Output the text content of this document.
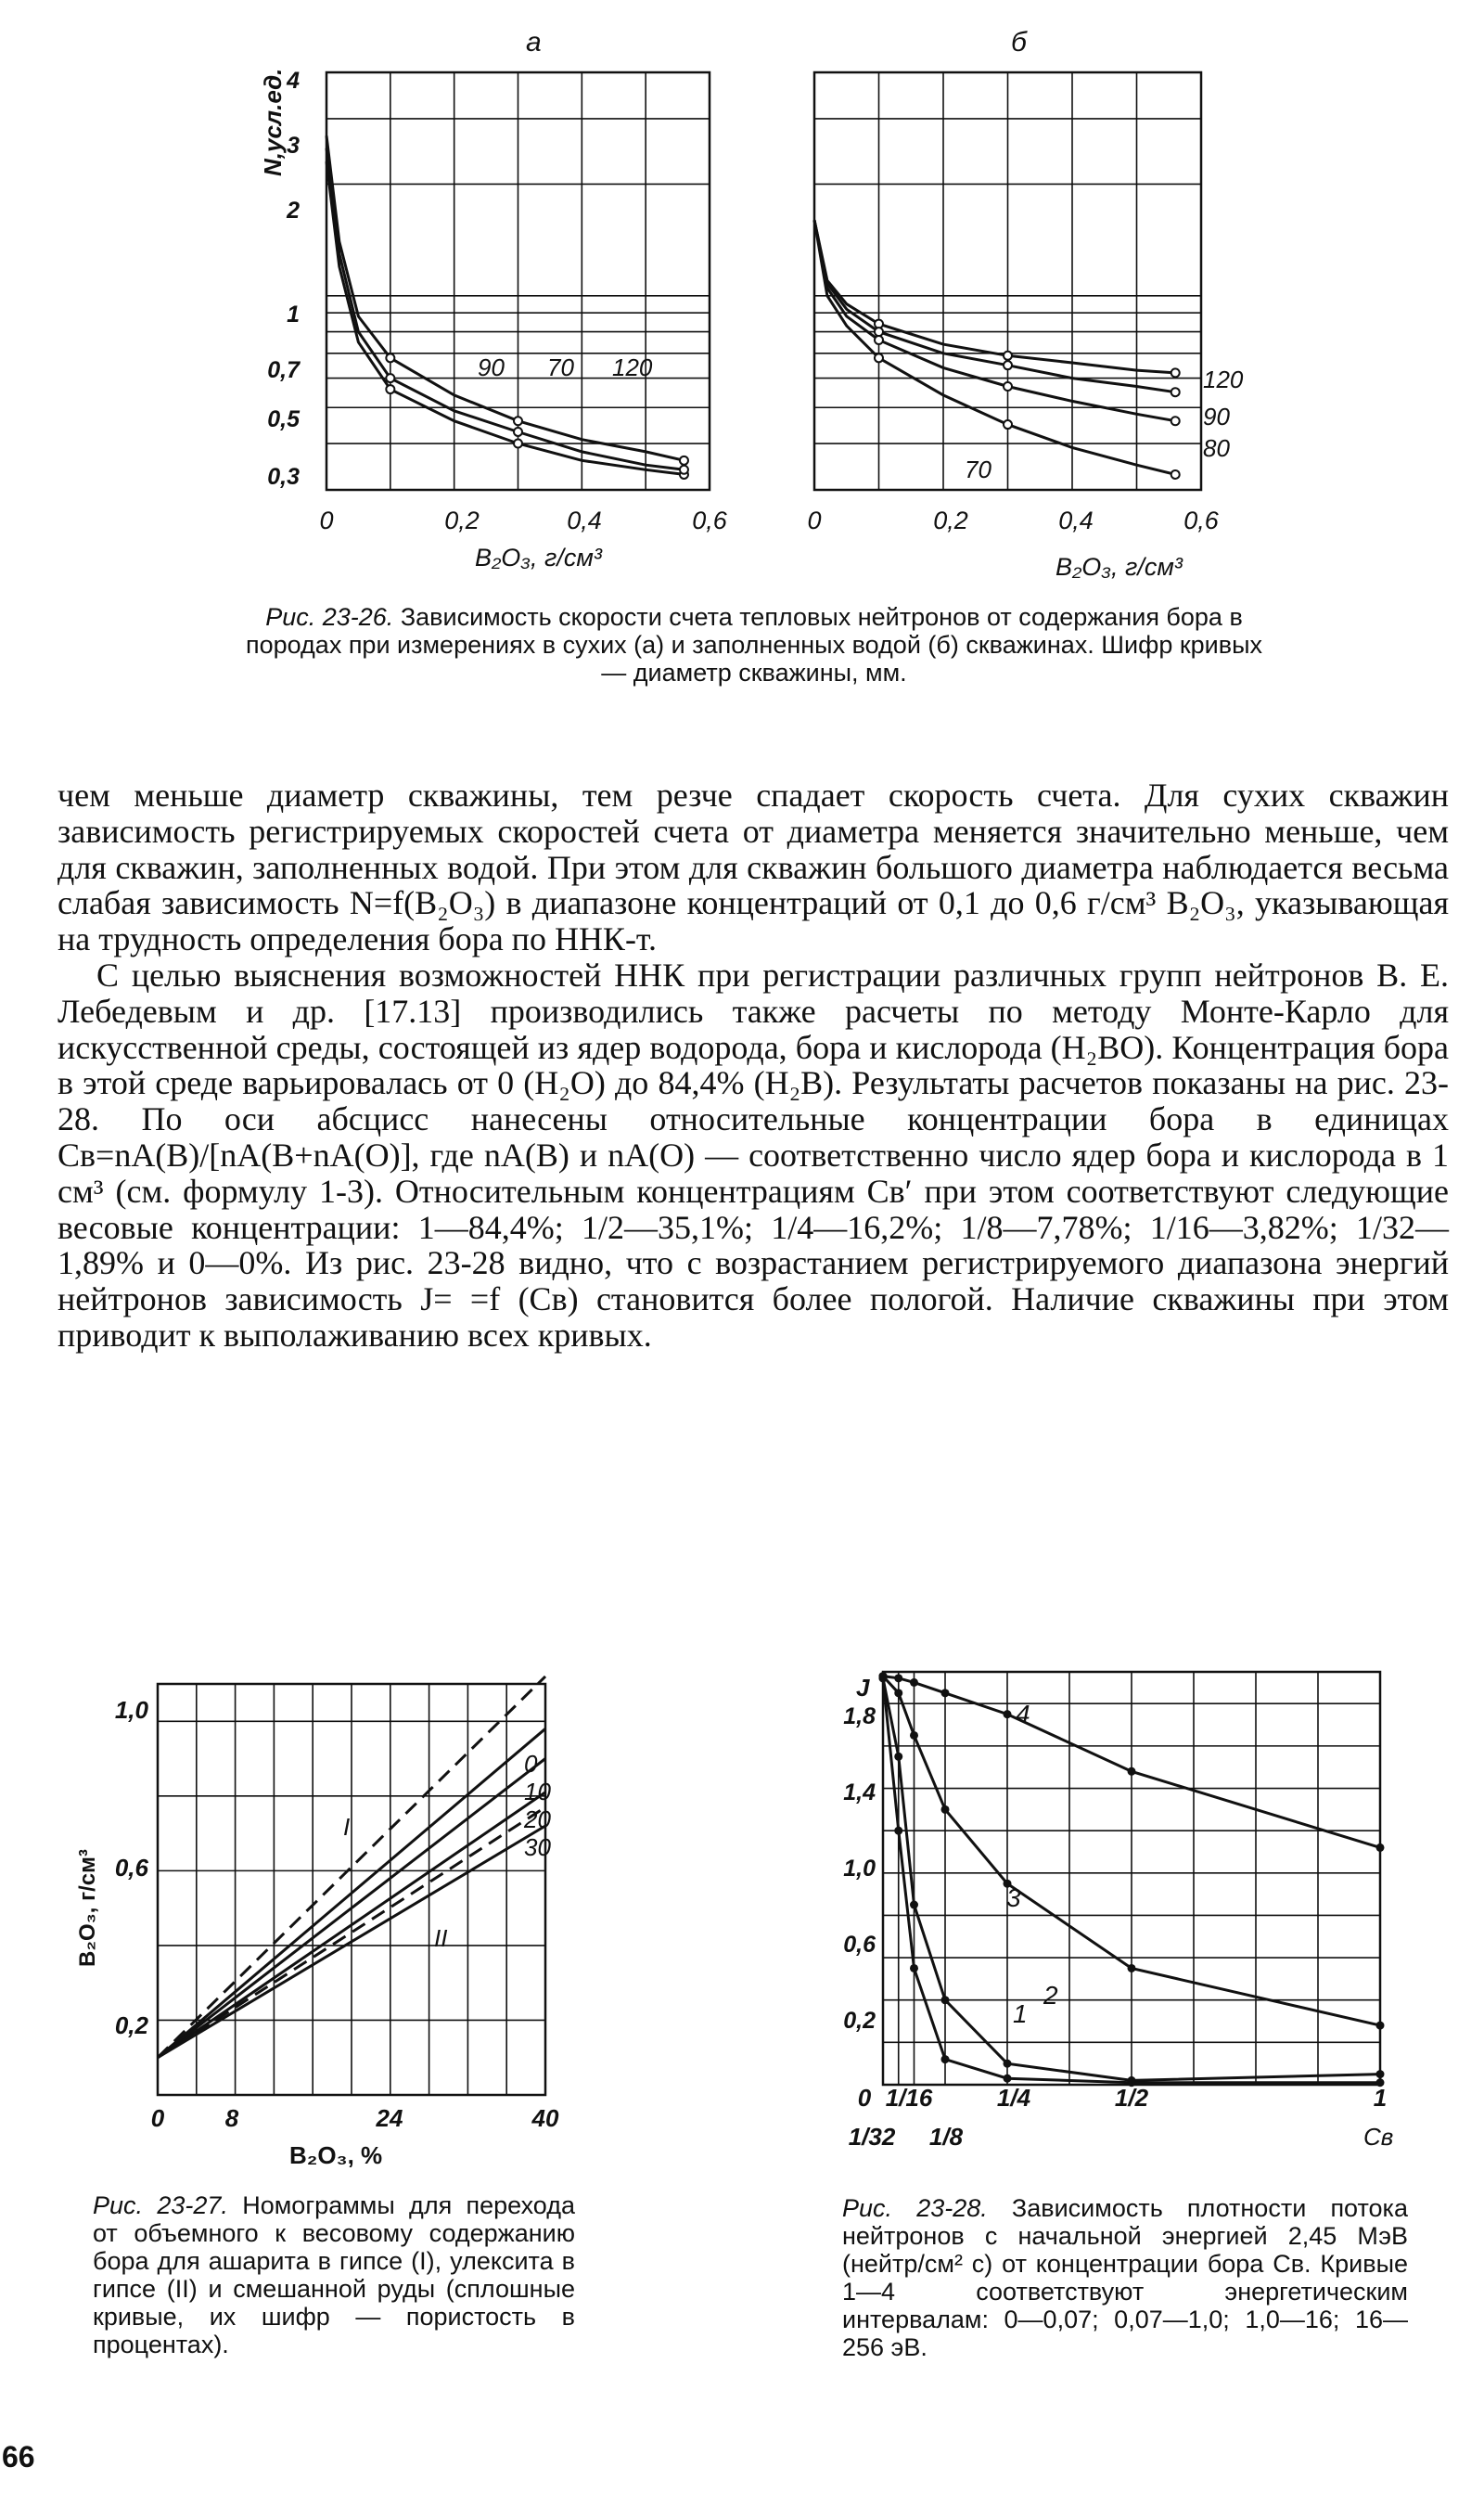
а	б
N,усл.ед.
90 70 120	120
90
80
70
4
3
2
1
0,7
0,5
0,3
0	0,2	0,4	0,6
B₂O₃, г/см³
0	0,2	0,4	0,6
B₂O₃, г/см³
Рис. 23-26. Зависимость скорости счета тепловых нейтронов от содержания бора в породах при измерениях в сухих (а) и заполненных водой (б) скважинах. Шифр кривых — диаметр скважины, мм.

чем меньше диаметр скважины, тем резче спадает скорость счета. Для сухих скважин зависимость регистрируемых скоростей счета от диаметра меняется значительно меньше, чем для скважин, заполненных водой. При этом для скважин большого диаметра наблюдается весьма слабая зависимость N=f(B₂O₃) в диапазоне концентраций от 0,1 до 0,6 г/см³ B₂O₃, указывающая на трудность определения бора по ННК-т.

С целью выяснения возможностей ННК при регистрации различных групп нейтронов В. Е. Лебедевым и др. [17.13] производились также расчеты по методу Монте-Карло для искусственной среды, состоящей из ядер водорода, бора и кислорода (H₂BO). Концентрация бора в этой среде варьировалась от 0 (H₂O) до 84,4% (H₂B). Результаты расчетов показаны на рис. 23-28. По оси абсцисс нанесены относительные концентрации бора в единицах Cв=nA(B)/[nA(B+nA(O)], где nA(B) и nA(O) — соответственно число ядер бора и кислорода в 1 см³ (см. формулу 1-3). Относительным концентрациям Cв′ при этом соответствуют следующие весовые концентрации: 1—84,4%; 1/2—35,1%; 1/4—16,2%; 1/8—7,78%; 1/16—3,82%; 1/32—1,89% и 0—0%. Из рис. 23-28 видно, что с возрастанием регистрируемого диапазона энергий нейтронов зависимость J= =f (Cв) становится более пологой. Наличие скважины при этом приводит к выполаживанию всех кривых.

B₂O₃, г/см³
I
0
10
20
II
30
1,0
0,6
0,2
0	8	24	40
B₂O₃, %
Рис. 23-27. Номограммы для перехода от объемного к весовому содержанию бора для ашарита в гипсе (I), улексита в гипсе (II) и смешанной руды (сплошные кривые, их шифр — пористость в процентах).
J
1
2
3
4
1,8
1,4
1,0
0,6
0,2
0
1/32
1/16
1/8
1/4	1/2	1
Cв
Рис. 23-28. Зависимость плотности потока нейтронов с начальной энергией 2,45 МэВ (нейтр/см² с) от концентрации бора Cв. Кривые 1—4 соответствуют энергетическим интервалам: 0—0,07; 0,07—1,0; 1,0—16; 16—256 эВ.
66
